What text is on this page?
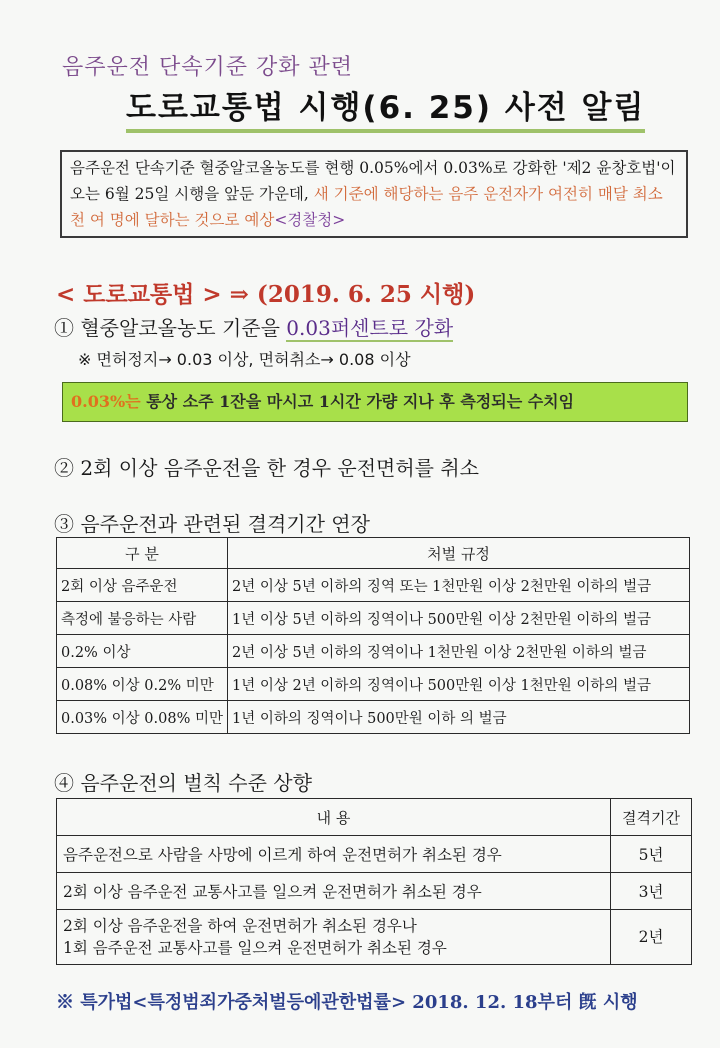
음주운전 단속기준 강화 관련
도로교통법 시행(6. 25) 사전 알림
음주운전 단속기준 혈중알코올농도를 현행 0.05%에서 0.03%로 강화한 '제2 윤창호법'이 오는 6월 25일 시행을 앞둔 가운데, 새 기준에 해당하는 음주 운전자가 여전히 매달 최소 천 여 명에 달하는 것으로 예상<경찰청>
< 도로교통법 > ⇒ (2019. 6. 25 시행)
① 혈중알코올농도 기준을 0.03퍼센트로 강화
※ 면허정지→ 0.03 이상, 면허취소→ 0.08 이상
0.03%는 통상 소주 1잔을 마시고 1시간 가량 지나 후 측정되는 수치임
② 2회 이상 음주운전을 한 경우 운전면허를 취소
③ 음주운전과 관련된 결격기간 연장
구 분	처벌 규정
2회 이상 음주운전	2년 이상 5년 이하의 징역 또는 1천만원 이상 2천만원 이하의 벌금
측정에 불응하는 사람	1년 이상 5년 이하의 징역이나 500만원 이상 2천만원 이하의 벌금
0.2% 이상	2년 이상 5년 이하의 징역이나 1천만원 이상 2천만원 이하의 벌금
0.08% 이상 0.2% 미만	1년 이상 2년 이하의 징역이나 500만원 이상 1천만원 이하의 벌금
0.03% 이상 0.08% 미만	1년 이하의 징역이나 500만원 이하 의 벌금
④ 음주운전의 벌칙 수준 상향
내 용	결격기간
음주운전으로 사람을 사망에 이르게 하여 운전면허가 취소된 경우	5년
2회 이상 음주운전 교통사고를 일으켜 운전면허가 취소된 경우	3년

2회 이상 음주운전을 하여 운전면허가 취소된 경우나
1회 음주운전 교통사고를 일으켜 운전면허가 취소된 경우	2년
※ 특가법<특정범죄가중처벌등에관한법률> 2018. 12. 18부터 旣 시행
